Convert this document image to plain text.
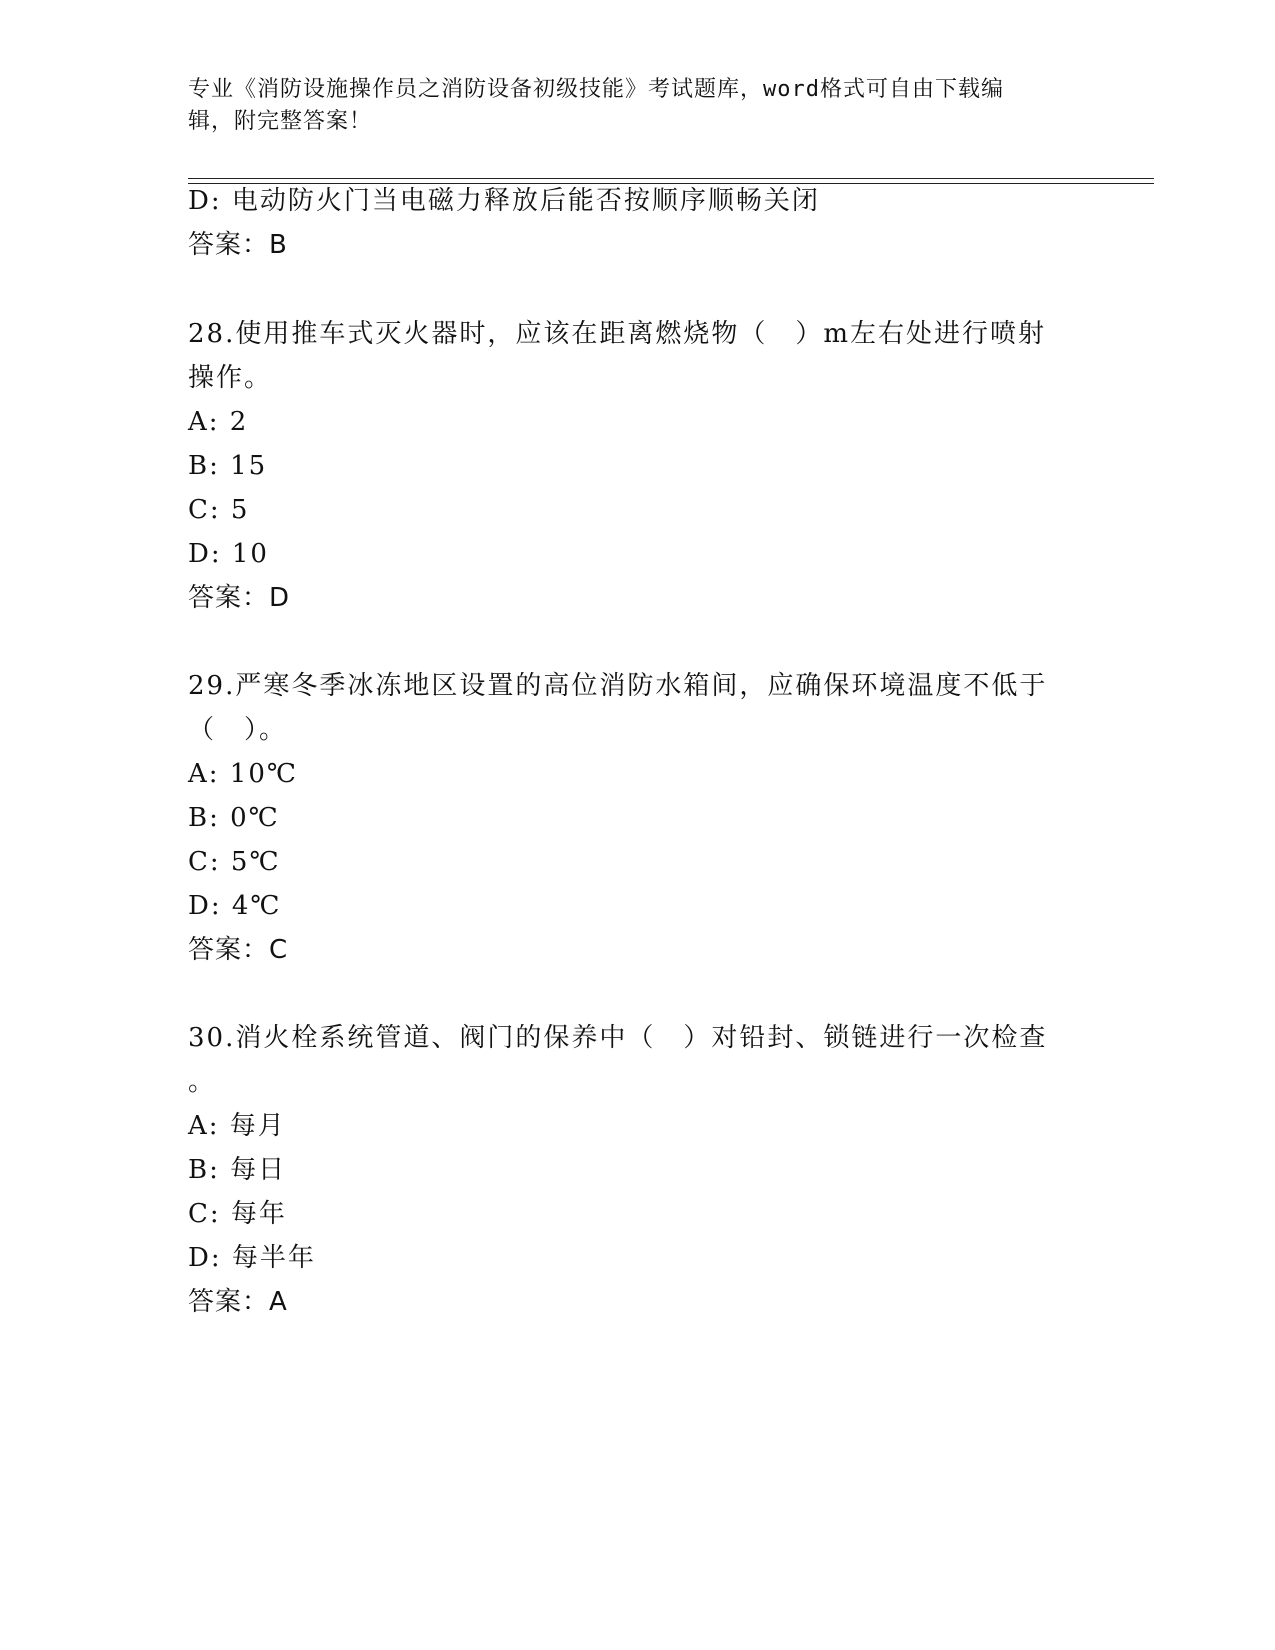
专业《消防设施操作员之消防设备初级技能》考试题库，word格式可自由下载编
辑，附完整答案！
D: 电动防火门当电磁力释放后能否按顺序顺畅关闭
答案：B
28.使用推车式灭火器时，应该在距离燃烧物（　）m左右处进行喷射
操作。
A: 2
B: 15
C: 5
D: 10
答案：D
29.严寒冬季冰冻地区设置的高位消防水箱间，应确保环境温度不低于
（　）。
A: 10℃
B: 0℃
C: 5℃
D: 4℃
答案：C
30.消火栓系统管道、阀门的保养中（　）对铅封、锁链进行一次检查
。
A: 每月
B: 每日
C: 每年
D: 每半年
答案：A
